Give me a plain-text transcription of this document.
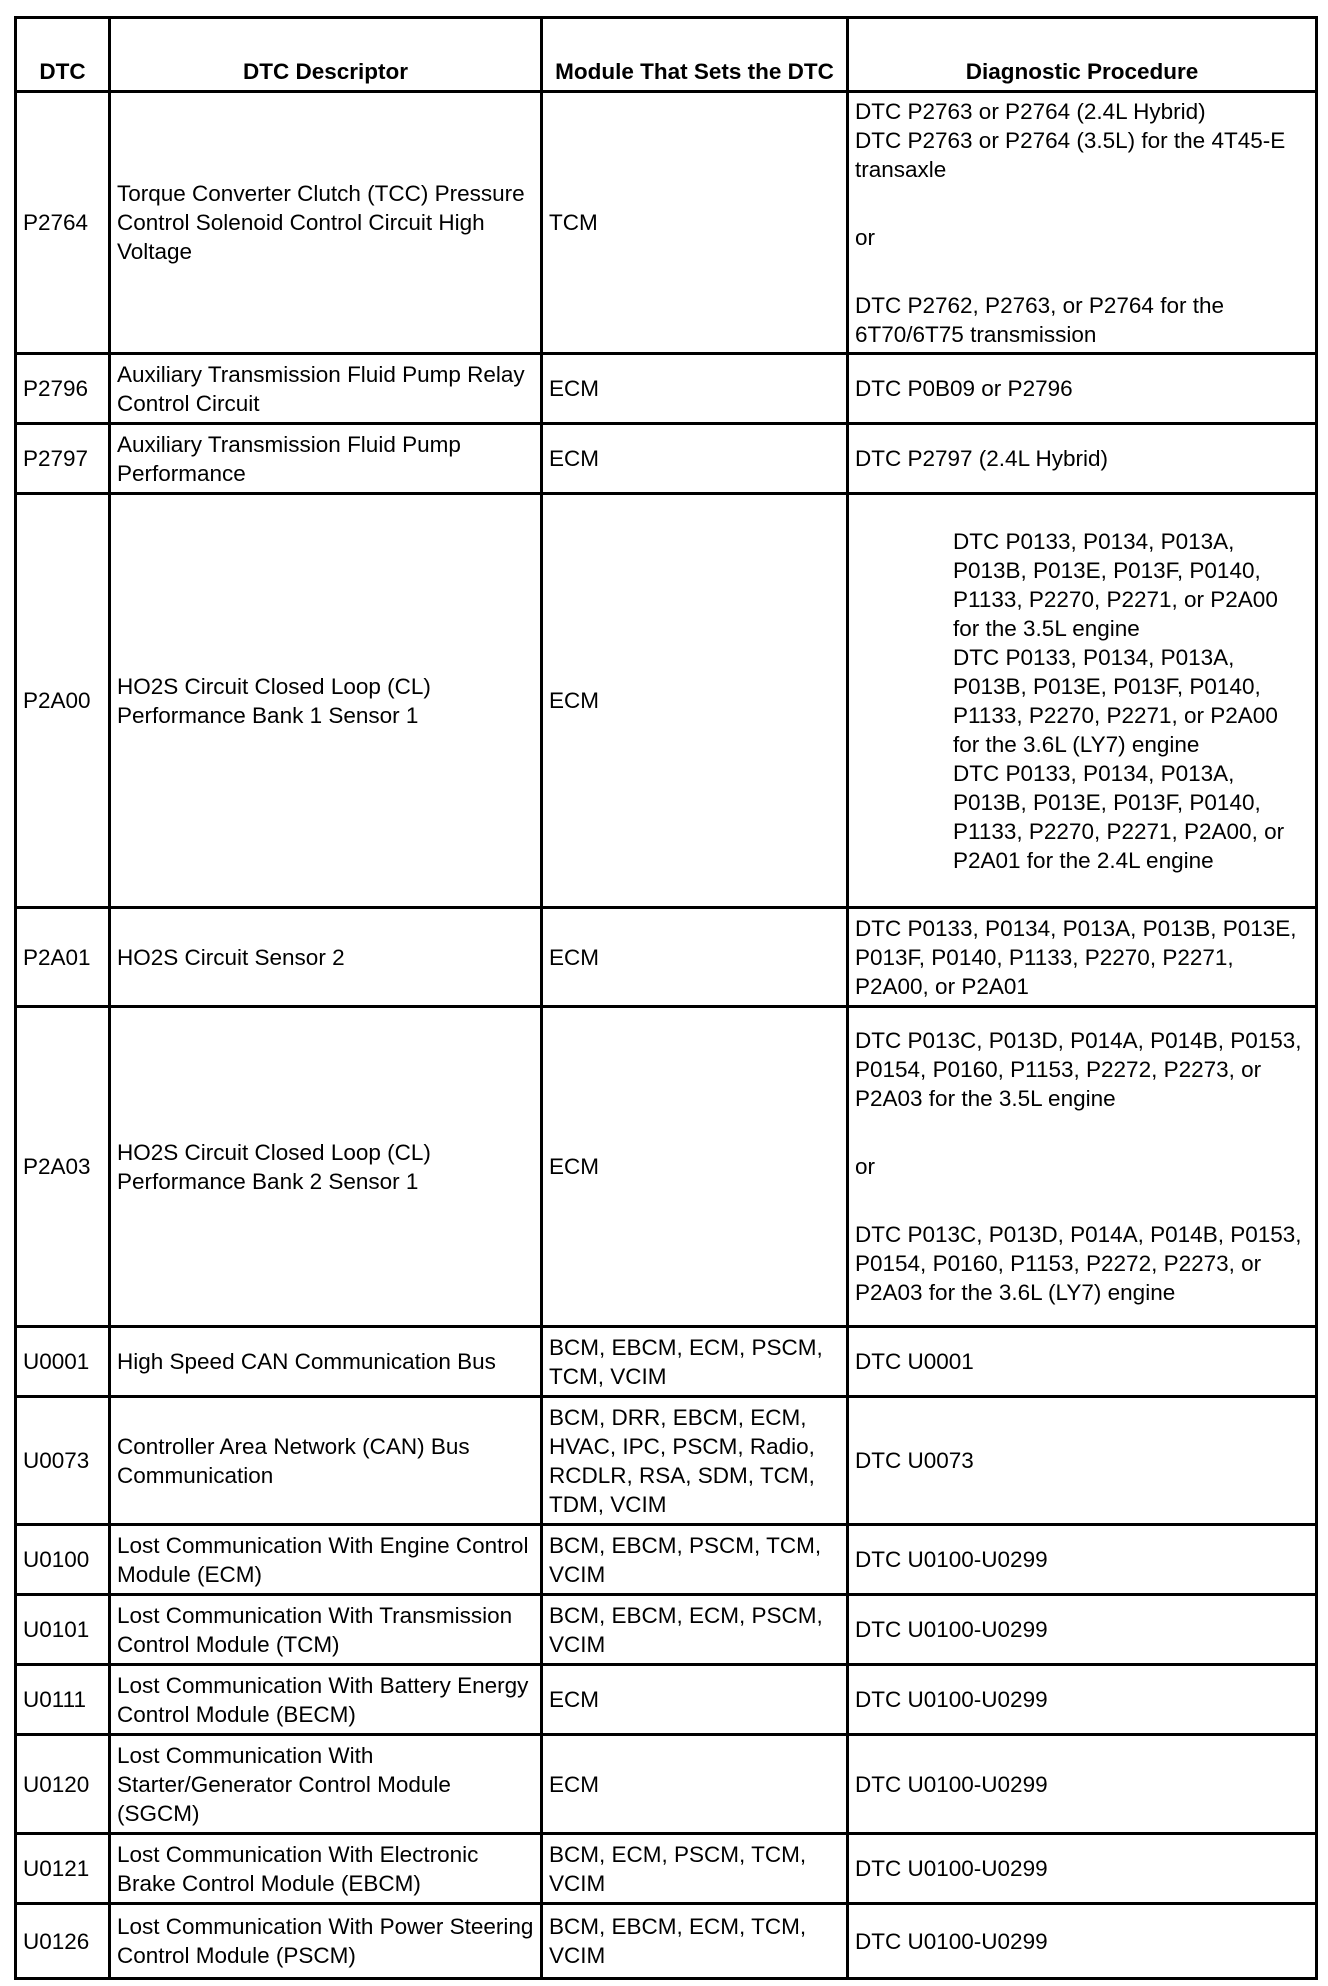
DTC	DTC Descriptor	Module That Sets the DTC	Diagnostic Procedure
P2764	Torque Converter Clutch (TCC) Pressure Control Solenoid Control Circuit High Voltage	TCM	DTC P2763 or P2764 (2.4L Hybrid)
DTC P2763 or P2764 (3.5L) for the 4T45-E transaxle
or
DTC P2762, P2763, or P2764 for the 6T70/6T75 transmission

P2796	Auxiliary Transmission Fluid Pump Relay Control Circuit	ECM	DTC P0B09 or P2796

P2797	Auxiliary Transmission Fluid Pump Performance	ECM	DTC P2797 (2.4L Hybrid)

P2A00	HO2S Circuit Closed Loop (CL) Performance Bank 1 Sensor 1	ECM	DTC P0133, P0134, P013A, P013B, P013E, P013F, P0140, P1133, P2270, P2271, or P2A00 for the 3.5L engine
DTC P0133, P0134, P013A, P013B, P013E, P013F, P0140, P1133, P2270, P2271, or P2A00 for the 3.6L (LY7) engine
DTC P0133, P0134, P013A, P013B, P013E, P013F, P0140, P1133, P2270, P2271, P2A00, or P2A01 for the 2.4L engine

P2A01	HO2S Circuit Sensor 2	ECM	DTC P0133, P0134, P013A, P013B, P013E, P013F, P0140, P1133, P2270, P2271, P2A00, or P2A01

P2A03	HO2S Circuit Closed Loop (CL) Performance Bank 2 Sensor 1	ECM	DTC P013C, P013D, P014A, P014B, P0153, P0154, P0160, P1153, P2272, P2273, or P2A03 for the 3.5L engine
or
DTC P013C, P013D, P014A, P014B, P0153, P0154, P0160, P1153, P2272, P2273, or P2A03 for the 3.6L (LY7) engine

U0001	High Speed CAN Communication Bus	BCM, EBCM, ECM, PSCM, TCM, VCIM	DTC U0001

U0073	Controller Area Network (CAN) Bus Communication	BCM, DRR, EBCM, ECM, HVAC, IPC, PSCM, Radio, RCDLR, RSA, SDM, TCM, TDM, VCIM	DTC U0073

U0100	Lost Communication With Engine Control Module (ECM)	BCM, EBCM, PSCM, TCM, VCIM	DTC U0100-U0299

U0101	Lost Communication With Transmission Control Module (TCM)	BCM, EBCM, ECM, PSCM, VCIM	DTC U0100-U0299

U0111	Lost Communication With Battery Energy Control Module (BECM)	ECM	DTC U0100-U0299

U0120	Lost Communication With Starter/Generator Control Module (SGCM)	ECM	DTC U0100-U0299

U0121	Lost Communication With Electronic Brake Control Module (EBCM)	BCM, ECM, PSCM, TCM, VCIM	DTC U0100-U0299

U0126	Lost Communication With Power Steering Control Module (PSCM)	BCM, EBCM, ECM, TCM, VCIM	DTC U0100-U0299
